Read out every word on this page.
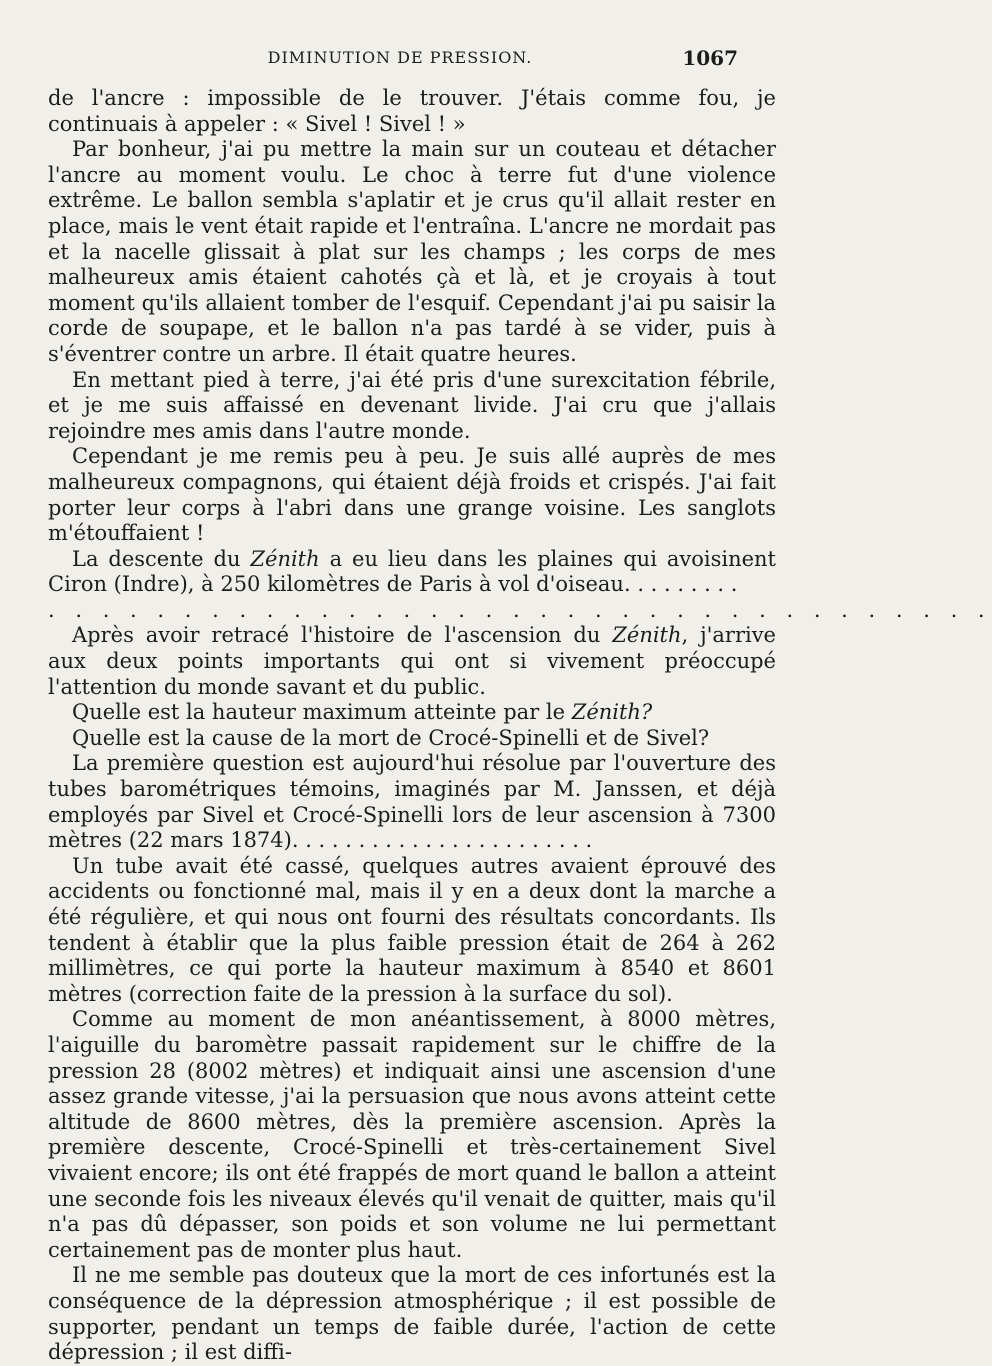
DIMINUTION DE PRESSION.	1067

de l'ancre : impossible de le trouver. J'étais comme fou, je continuais à appeler : « Sivel ! Sivel ! »

Par bonheur, j'ai pu mettre la main sur un couteau et détacher l'ancre au moment voulu. Le choc à terre fut d'une violence extrême. Le ballon sembla s'aplatir et je crus qu'il allait rester en place, mais le vent était rapide et l'entraîna. L'ancre ne mordait pas et la nacelle glissait à plat sur les champs ; les corps de mes malheureux amis étaient cahotés çà et là, et je croyais à tout moment qu'ils allaient tomber de l'esquif. Cependant j'ai pu saisir la corde de soupape, et le ballon n'a pas tardé à se vider, puis à s'éventrer contre un arbre. Il était quatre heures.

En mettant pied à terre, j'ai été pris d'une surexcitation fébrile, et je me suis affaissé en devenant livide. J'ai cru que j'allais rejoindre mes amis dans l'autre monde.

Cependant je me remis peu à peu. Je suis allé auprès de mes malheureux compagnons, qui étaient déjà froids et crispés. J'ai fait porter leur corps à l'abri dans une grange voisine. Les sanglots m'étouffaient !

La descente du Zénith a eu lieu dans les plaines qui avoisinent Ciron (Indre), à 250 kilomètres de Paris à vol d'oiseau. . . . . . . . .

. . . . . . . . . . . . . . . . . . . . . . . . . . . . . . . . . . .

Après avoir retracé l'histoire de l'ascension du Zénith, j'arrive aux deux points importants qui ont si vivement préoccupé l'attention du monde savant et du public.

Quelle est la hauteur maximum atteinte par le Zénith?

Quelle est la cause de la mort de Crocé-Spinelli et de Sivel?

La première question est aujourd'hui résolue par l'ouverture des tubes barométriques témoins, imaginés par M. Janssen, et déjà employés par Sivel et Crocé-Spinelli lors de leur ascension à 7300 mètres (22 mars 1874). . . . . . . . . . . . . . . . . . . . . . .

Un tube avait été cassé, quelques autres avaient éprouvé des accidents ou fonctionné mal, mais il y en a deux dont la marche a été régulière, et qui nous ont fourni des résultats concordants. Ils tendent à établir que la plus faible pression était de 264 à 262 millimètres, ce qui porte la hauteur maximum à 8540 et 8601 mètres (correction faite de la pression à la surface du sol).

Comme au moment de mon anéantissement, à 8000 mètres, l'aiguille du baromètre passait rapidement sur le chiffre de la pression 28 (8002 mètres) et indiquait ainsi une ascension d'une assez grande vitesse, j'ai la persuasion que nous avons atteint cette altitude de 8600 mètres, dès la première ascension. Après la première descente, Crocé-Spinelli et très-certainement Sivel vivaient encore; ils ont été frappés de mort quand le ballon a atteint une seconde fois les niveaux élevés qu'il venait de quitter, mais qu'il n'a pas dû dépasser, son poids et son volume ne lui permettant certainement pas de monter plus haut.

Il ne me semble pas douteux que la mort de ces infortunés est la conséquence de la dépression atmosphérique ; il est possible de supporter, pendant un temps de faible durée, l'action de cette dépression ; il est diffi-
